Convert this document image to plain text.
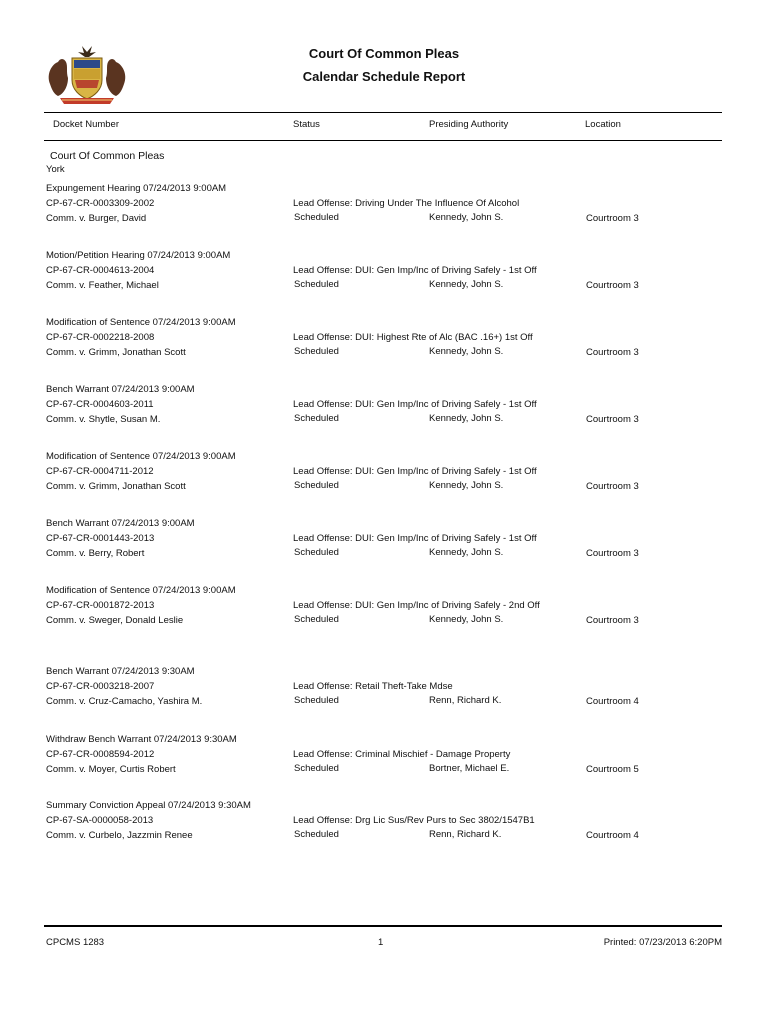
Court Of Common Pleas
Calendar Schedule Report
Docket Number	Status	Presiding Authority	Location
Court Of Common Pleas
York
Expungement Hearing 07/24/2013 9:00AM
CP-67-CR-0003309-2002
Comm. v. Burger, David
Lead Offense: Driving Under The Influence Of Alcohol
Scheduled	Kennedy, John S.	Courtroom 3
Motion/Petition Hearing 07/24/2013 9:00AM
CP-67-CR-0004613-2004
Comm. v. Feather, Michael
Lead Offense: DUI: Gen Imp/Inc of Driving Safely - 1st Off
Scheduled	Kennedy, John S.	Courtroom 3
Modification of Sentence 07/24/2013 9:00AM
CP-67-CR-0002218-2008
Comm. v. Grimm, Jonathan Scott
Lead Offense: DUI: Highest Rte of Alc (BAC .16+) 1st Off
Scheduled	Kennedy, John S.	Courtroom 3
Bench Warrant 07/24/2013 9:00AM
CP-67-CR-0004603-2011
Comm. v. Shytle, Susan M.
Lead Offense: DUI: Gen Imp/Inc of Driving Safely - 1st Off
Scheduled	Kennedy, John S.	Courtroom 3
Modification of Sentence 07/24/2013 9:00AM
CP-67-CR-0004711-2012
Comm. v. Grimm, Jonathan Scott
Lead Offense: DUI: Gen Imp/Inc of Driving Safely - 1st Off
Scheduled	Kennedy, John S.	Courtroom 3
Bench Warrant 07/24/2013 9:00AM
CP-67-CR-0001443-2013
Comm. v. Berry, Robert
Lead Offense: DUI: Gen Imp/Inc of Driving Safely - 1st Off
Scheduled	Kennedy, John S.	Courtroom 3
Modification of Sentence 07/24/2013 9:00AM
CP-67-CR-0001872-2013
Comm. v. Sweger, Donald Leslie
Lead Offense: DUI: Gen Imp/Inc of Driving Safely - 2nd Off
Scheduled	Kennedy, John S.	Courtroom 3
Bench Warrant 07/24/2013 9:30AM
CP-67-CR-0003218-2007
Comm. v. Cruz-Camacho, Yashira M.
Lead Offense: Retail Theft-Take Mdse
Scheduled	Renn, Richard K.	Courtroom 4
Withdraw Bench Warrant 07/24/2013 9:30AM
CP-67-CR-0008594-2012
Comm. v. Moyer, Curtis Robert
Lead Offense: Criminal Mischief - Damage Property
Scheduled	Bortner, Michael E.	Courtroom 5
Summary Conviction Appeal 07/24/2013 9:30AM
CP-67-SA-0000058-2013
Comm. v. Curbelo, Jazzmin Renee
Lead Offense: Drg Lic Sus/Rev Purs to Sec 3802/1547B1
Scheduled	Renn, Richard K.	Courtroom 4
CPCMS 1283	1	Printed: 07/23/2013 6:20PM
